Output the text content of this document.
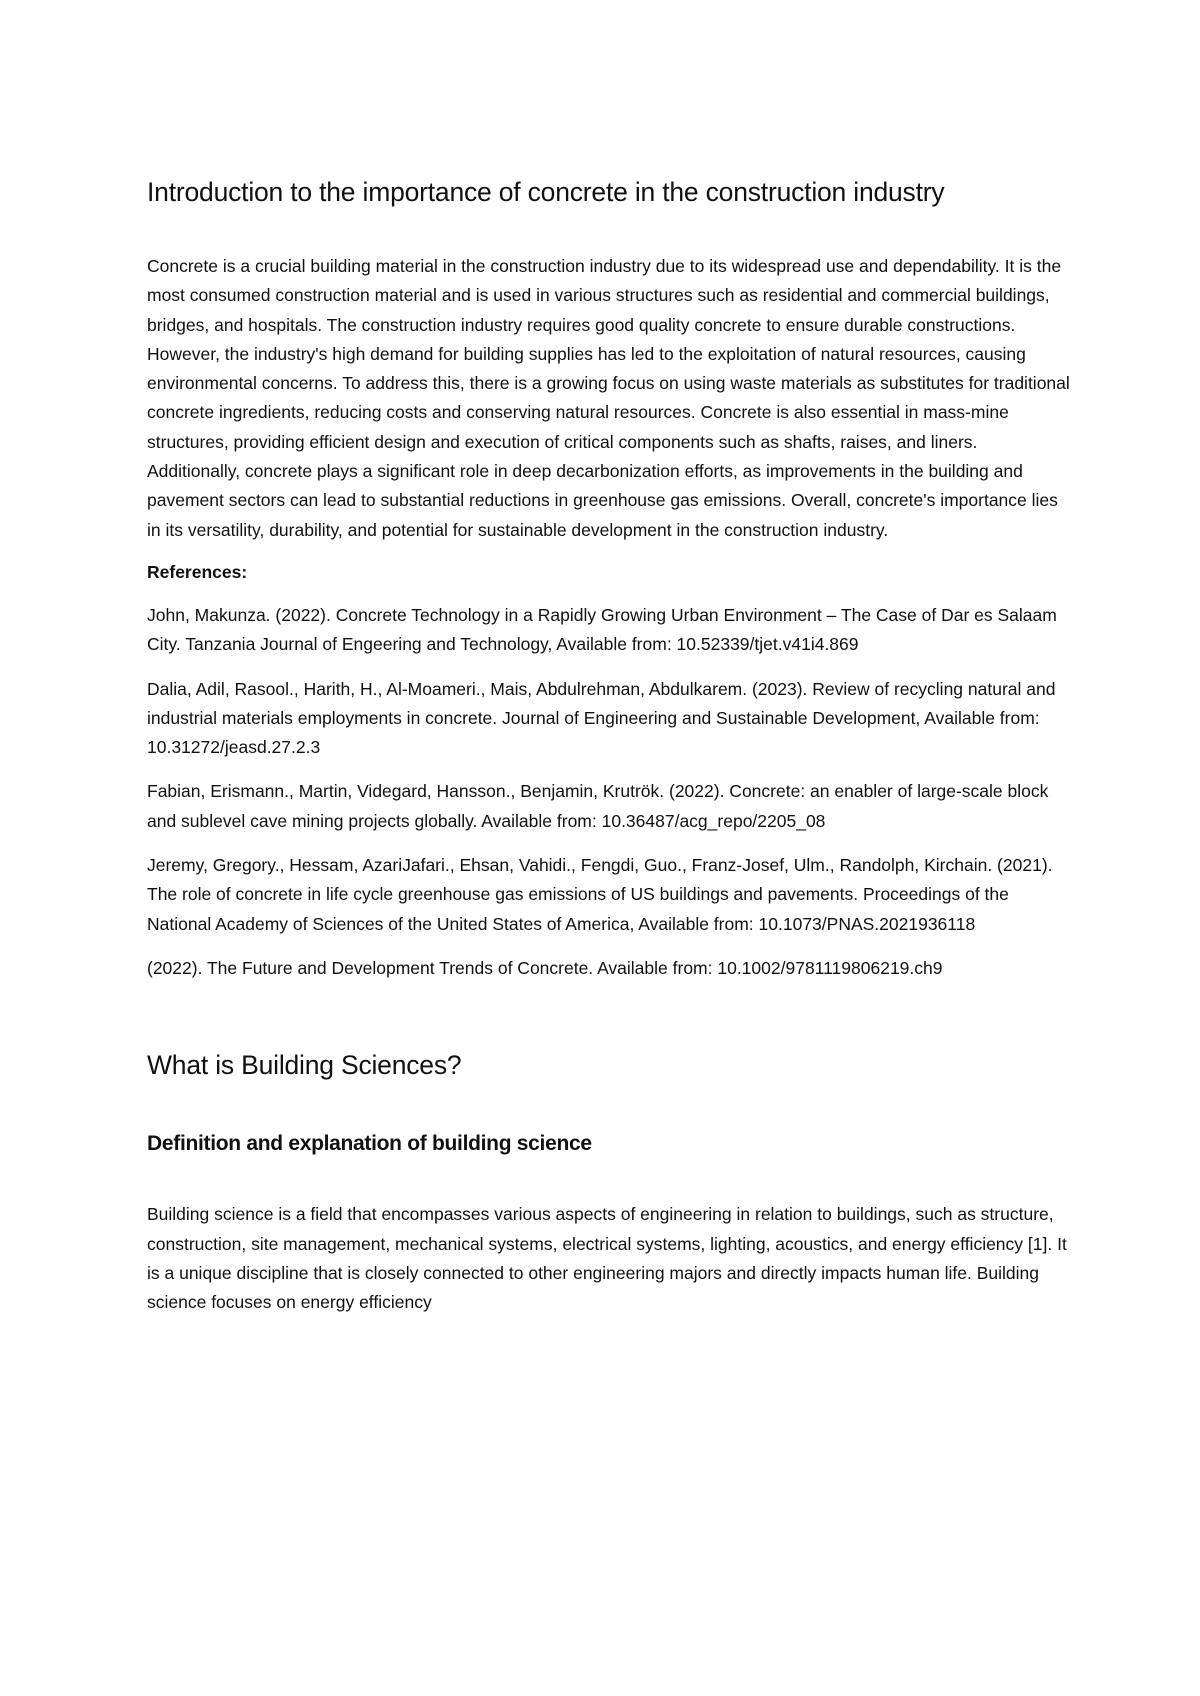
Introduction to the importance of concrete in the construction industry

Concrete is a crucial building material in the construction industry due to its widespread use and dependability. It is the most consumed construction material and is used in various structures such as residential and commercial buildings, bridges, and hospitals. The construction industry requires good quality concrete to ensure durable constructions. However, the industry's high demand for building supplies has led to the exploitation of natural resources, causing environmental concerns. To address this, there is a growing focus on using waste materials as substitutes for traditional concrete ingredients, reducing costs and conserving natural resources. Concrete is also essential in mass-mine structures, providing efficient design and execution of critical components such as shafts, raises, and liners. Additionally, concrete plays a significant role in deep decarbonization efforts, as improvements in the building and pavement sectors can lead to substantial reductions in greenhouse gas emissions. Overall, concrete's importance lies in its versatility, durability, and potential for sustainable development in the construction industry.

References:

John, Makunza. (2022). Concrete Technology in a Rapidly Growing Urban Environment – The Case of Dar es Salaam City. Tanzania Journal of Engeering and Technology, Available from: 10.52339/tjet.v41i4.869

Dalia, Adil, Rasool., Harith, H., Al-Moameri., Mais, Abdulrehman, Abdulkarem. (2023). Review of recycling natural and industrial materials employments in concrete. Journal of Engineering and Sustainable Development, Available from: 10.31272/jeasd.27.2.3

Fabian, Erismann., Martin, Videgard, Hansson., Benjamin, Krutrök. (2022). Concrete: an enabler of large-scale block and sublevel cave mining projects globally. Available from: 10.36487/acg_repo/2205_08

Jeremy, Gregory., Hessam, AzariJafari., Ehsan, Vahidi., Fengdi, Guo., Franz-Josef, Ulm., Randolph, Kirchain. (2021). The role of concrete in life cycle greenhouse gas emissions of US buildings and pavements. Proceedings of the National Academy of Sciences of the United States of America, Available from: 10.1073/PNAS.2021936118

(2022). The Future and Development Trends of Concrete. Available from: 10.1002/9781119806219.ch9

What is Building Sciences?
Definition and explanation of building science

Building science is a field that encompasses various aspects of engineering in relation to buildings, such as structure, construction, site management, mechanical systems, electrical systems, lighting, acoustics, and energy efficiency [1]. It is a unique discipline that is closely connected to other engineering majors and directly impacts human life. Building science focuses on energy efficiency
